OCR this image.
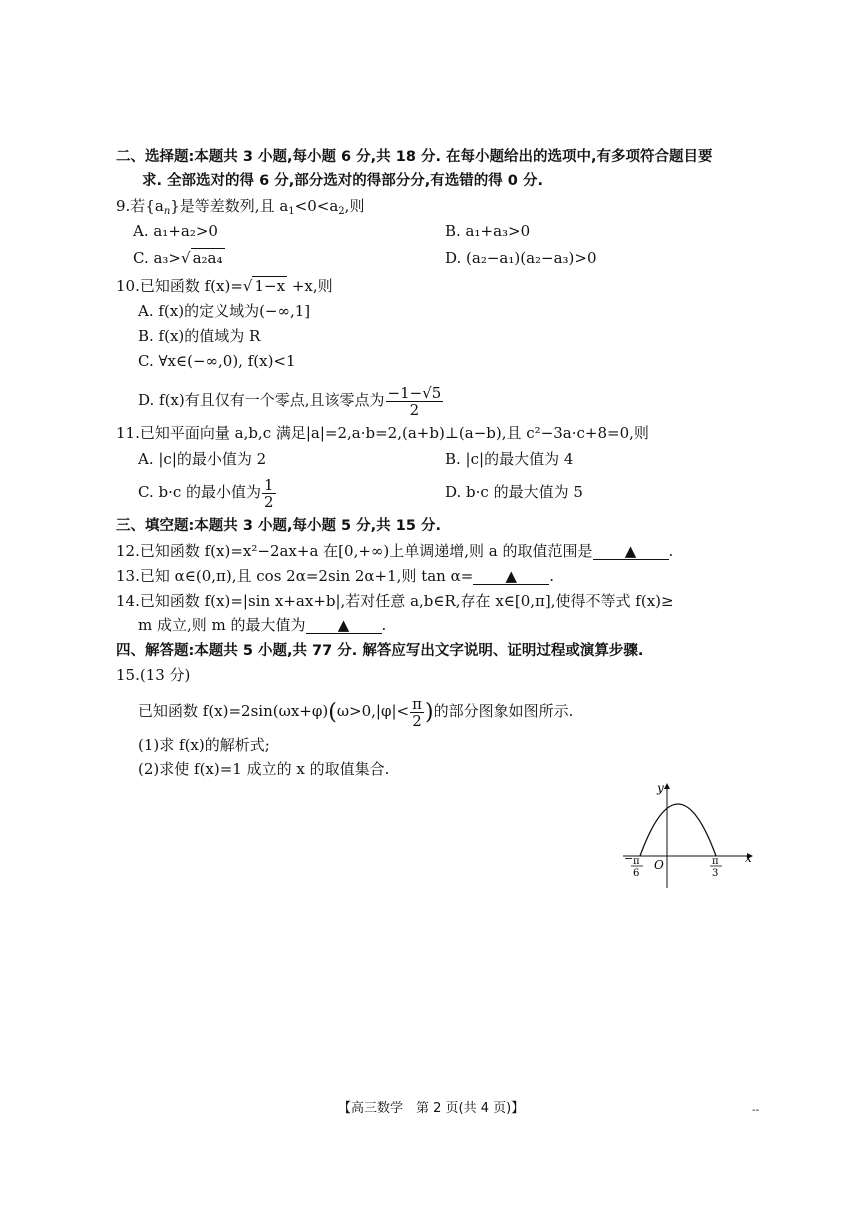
二、选择题:本题共 3 小题,每小题 6 分,共 18 分. 在每小题给出的选项中,有多项符合题目要
求. 全部选对的得 6 分,部分选对的得部分分,有选错的得 0 分.
9.若$\{a_n\}$是等差数列,且 $a_1<0<a_2$,则
A. a₁+a₂>0	B. a₁+a₃>0
C. a₃>√ a₂a₄	D. (a₂−a₁)(a₂−a₃)>0
10.已知函数 f(x)=√ 1−x +x,则
A. f(x)的定义域为(−∞,1]
B. f(x)的值域为 R
C. ∀x∈(−∞,0), f(x)<1
D. f(x)有且仅有一个零点,且该零点为 $\frac{-1-√5}{2}$
11.已知平面向量 a,b,c 满足|a|=2,a·b=2,(a+b)⊥(a−b),且 c²−3a·c+8=0,则
A. |c|的最小值为 2	B. |c|的最大值为 4
C. b·c 的最小值为 $\frac{1}{2}$	D. b·c 的最大值为 5
三、填空题:本题共 3 小题,每小题 5 分,共 15 分.
12.已知函数 f(x)=x²−2ax+a 在[0,+∞)上单调递增,则 a 的取值范围是 ▲ .
13.已知 α∈(0,π),且 cos 2α=2sin 2α+1,则 tan α= ▲ .
14.已知函数 f(x)=|sin x+ax+b|,若对任意 a,b∈R,存在 x∈[0,π],使得不等式 f(x)≥
m 成立,则 m 的最大值为 ▲ .
四、解答题:本题共 5 小题,共 77 分. 解答应写出文字说明、证明过程或演算步骤.
15.(13 分)
已知函数 $f(x)=2\sin(\omega x+\varphi)(\omega>0,|\varphi|< \frac{\pi}{2}$ )的部分图象如图所示.
(1)求 f(x)的解析式;
(2)求使 f(x)=1 成立的 x 的取值集合.
y
x
O
− π
6
π
3
【高三数学　第 2 页(共 4 页)】	--
